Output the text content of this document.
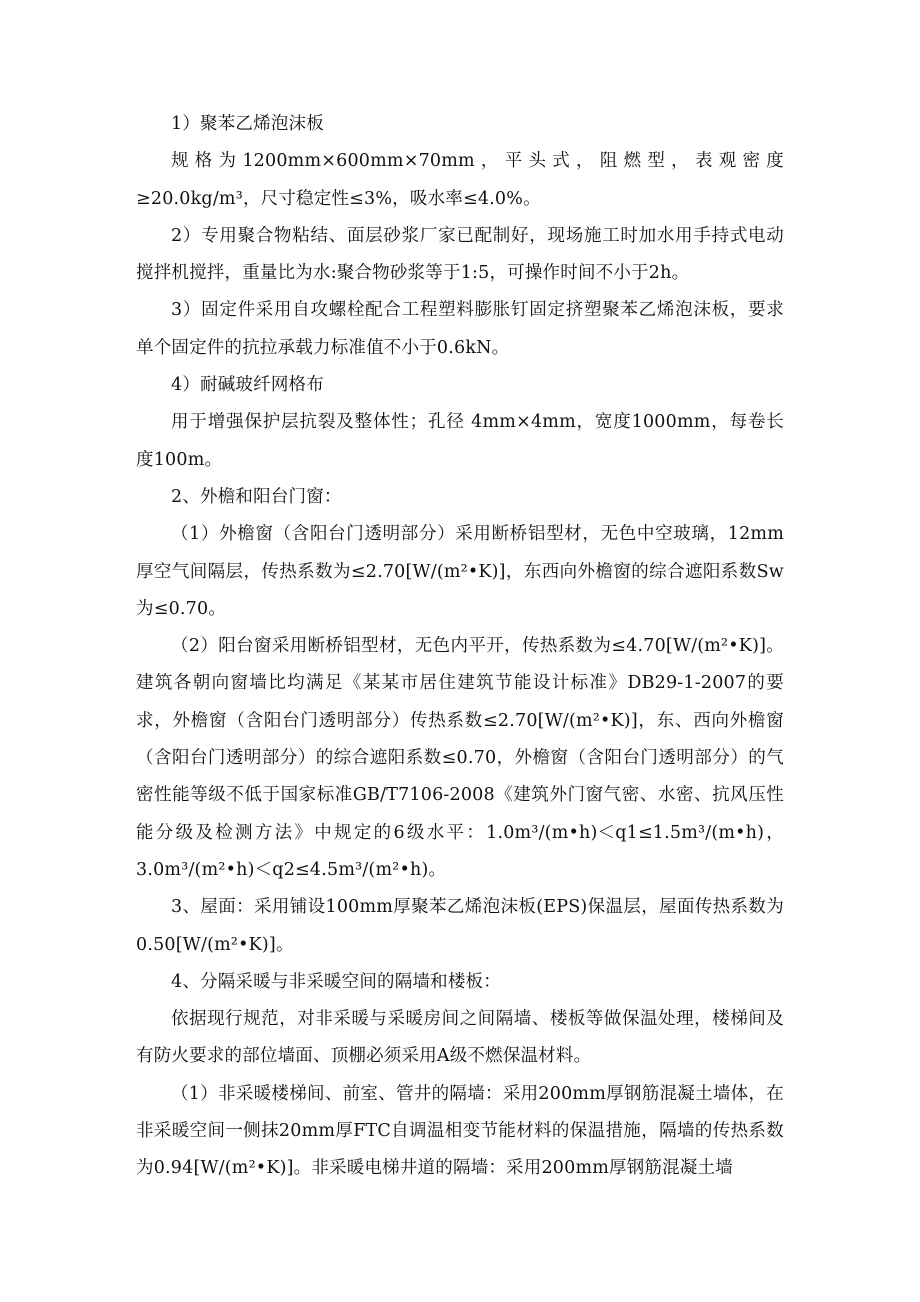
1）聚苯乙烯泡沫板

规格为1200mm×600mm×70mm，平头式，阻燃型，表观密度≥20.0kg/m³，尺寸稳定性≤3%，吸水率≤4.0%。

2）专用聚合物粘结、面层砂浆厂家已配制好，现场施工时加水用手持式电动搅拌机搅拌，重量比为水:聚合物砂浆等于1:5，可操作时间不小于2h。

3）固定件采用自攻螺栓配合工程塑料膨胀钉固定挤塑聚苯乙烯泡沫板，要求单个固定件的抗拉承载力标准值不小于0.6kN。

4）耐碱玻纤网格布

用于增强保护层抗裂及整体性；孔径 4mm×4mm，宽度1000mm，每卷长度100m。

2、外檐和阳台门窗：

（1）外檐窗（含阳台门透明部分）采用断桥铝型材，无色中空玻璃，12mm厚空气间隔层，传热系数为≤2.70[W/(m²•K)]，东西向外檐窗的综合遮阳系数Sw为≤0.70。

（2）阳台窗采用断桥铝型材，无色内平开，传热系数为≤4.70[W/(m²•K)]。建筑各朝向窗墙比均满足《某某市居住建筑节能设计标准》DB29-1-2007的要求，外檐窗（含阳台门透明部分）传热系数≤2.70[W/(m²•K)]，东、西向外檐窗（含阳台门透明部分）的综合遮阳系数≤0.70，外檐窗（含阳台门透明部分）的气密性能等级不低于国家标准GB/T7106-2008《建筑外门窗气密、水密、抗风压性能分级及检测方法》中规定的6级水平：1.0m³/(m•h)＜q1≤1.5m³/(m•h)，3.0m³/(m²•h)＜q2≤4.5m³/(m²•h)。

3、屋面：采用铺设100mm厚聚苯乙烯泡沫板(EPS)保温层，屋面传热系数为0.50[W/(m²•K)]。

4、分隔采暖与非采暖空间的隔墙和楼板：

依据现行规范，对非采暖与采暖房间之间隔墙、楼板等做保温处理，楼梯间及有防火要求的部位墙面、顶棚必须采用A级不燃保温材料。

（1）非采暖楼梯间、前室、管井的隔墙：采用200mm厚钢筋混凝土墙体，在非采暖空间一侧抹20mm厚FTC自调温相变节能材料的保温措施，隔墙的传热系数为0.94[W/(m²•K)]。非采暖电梯井道的隔墙：采用200mm厚钢筋混凝土墙
